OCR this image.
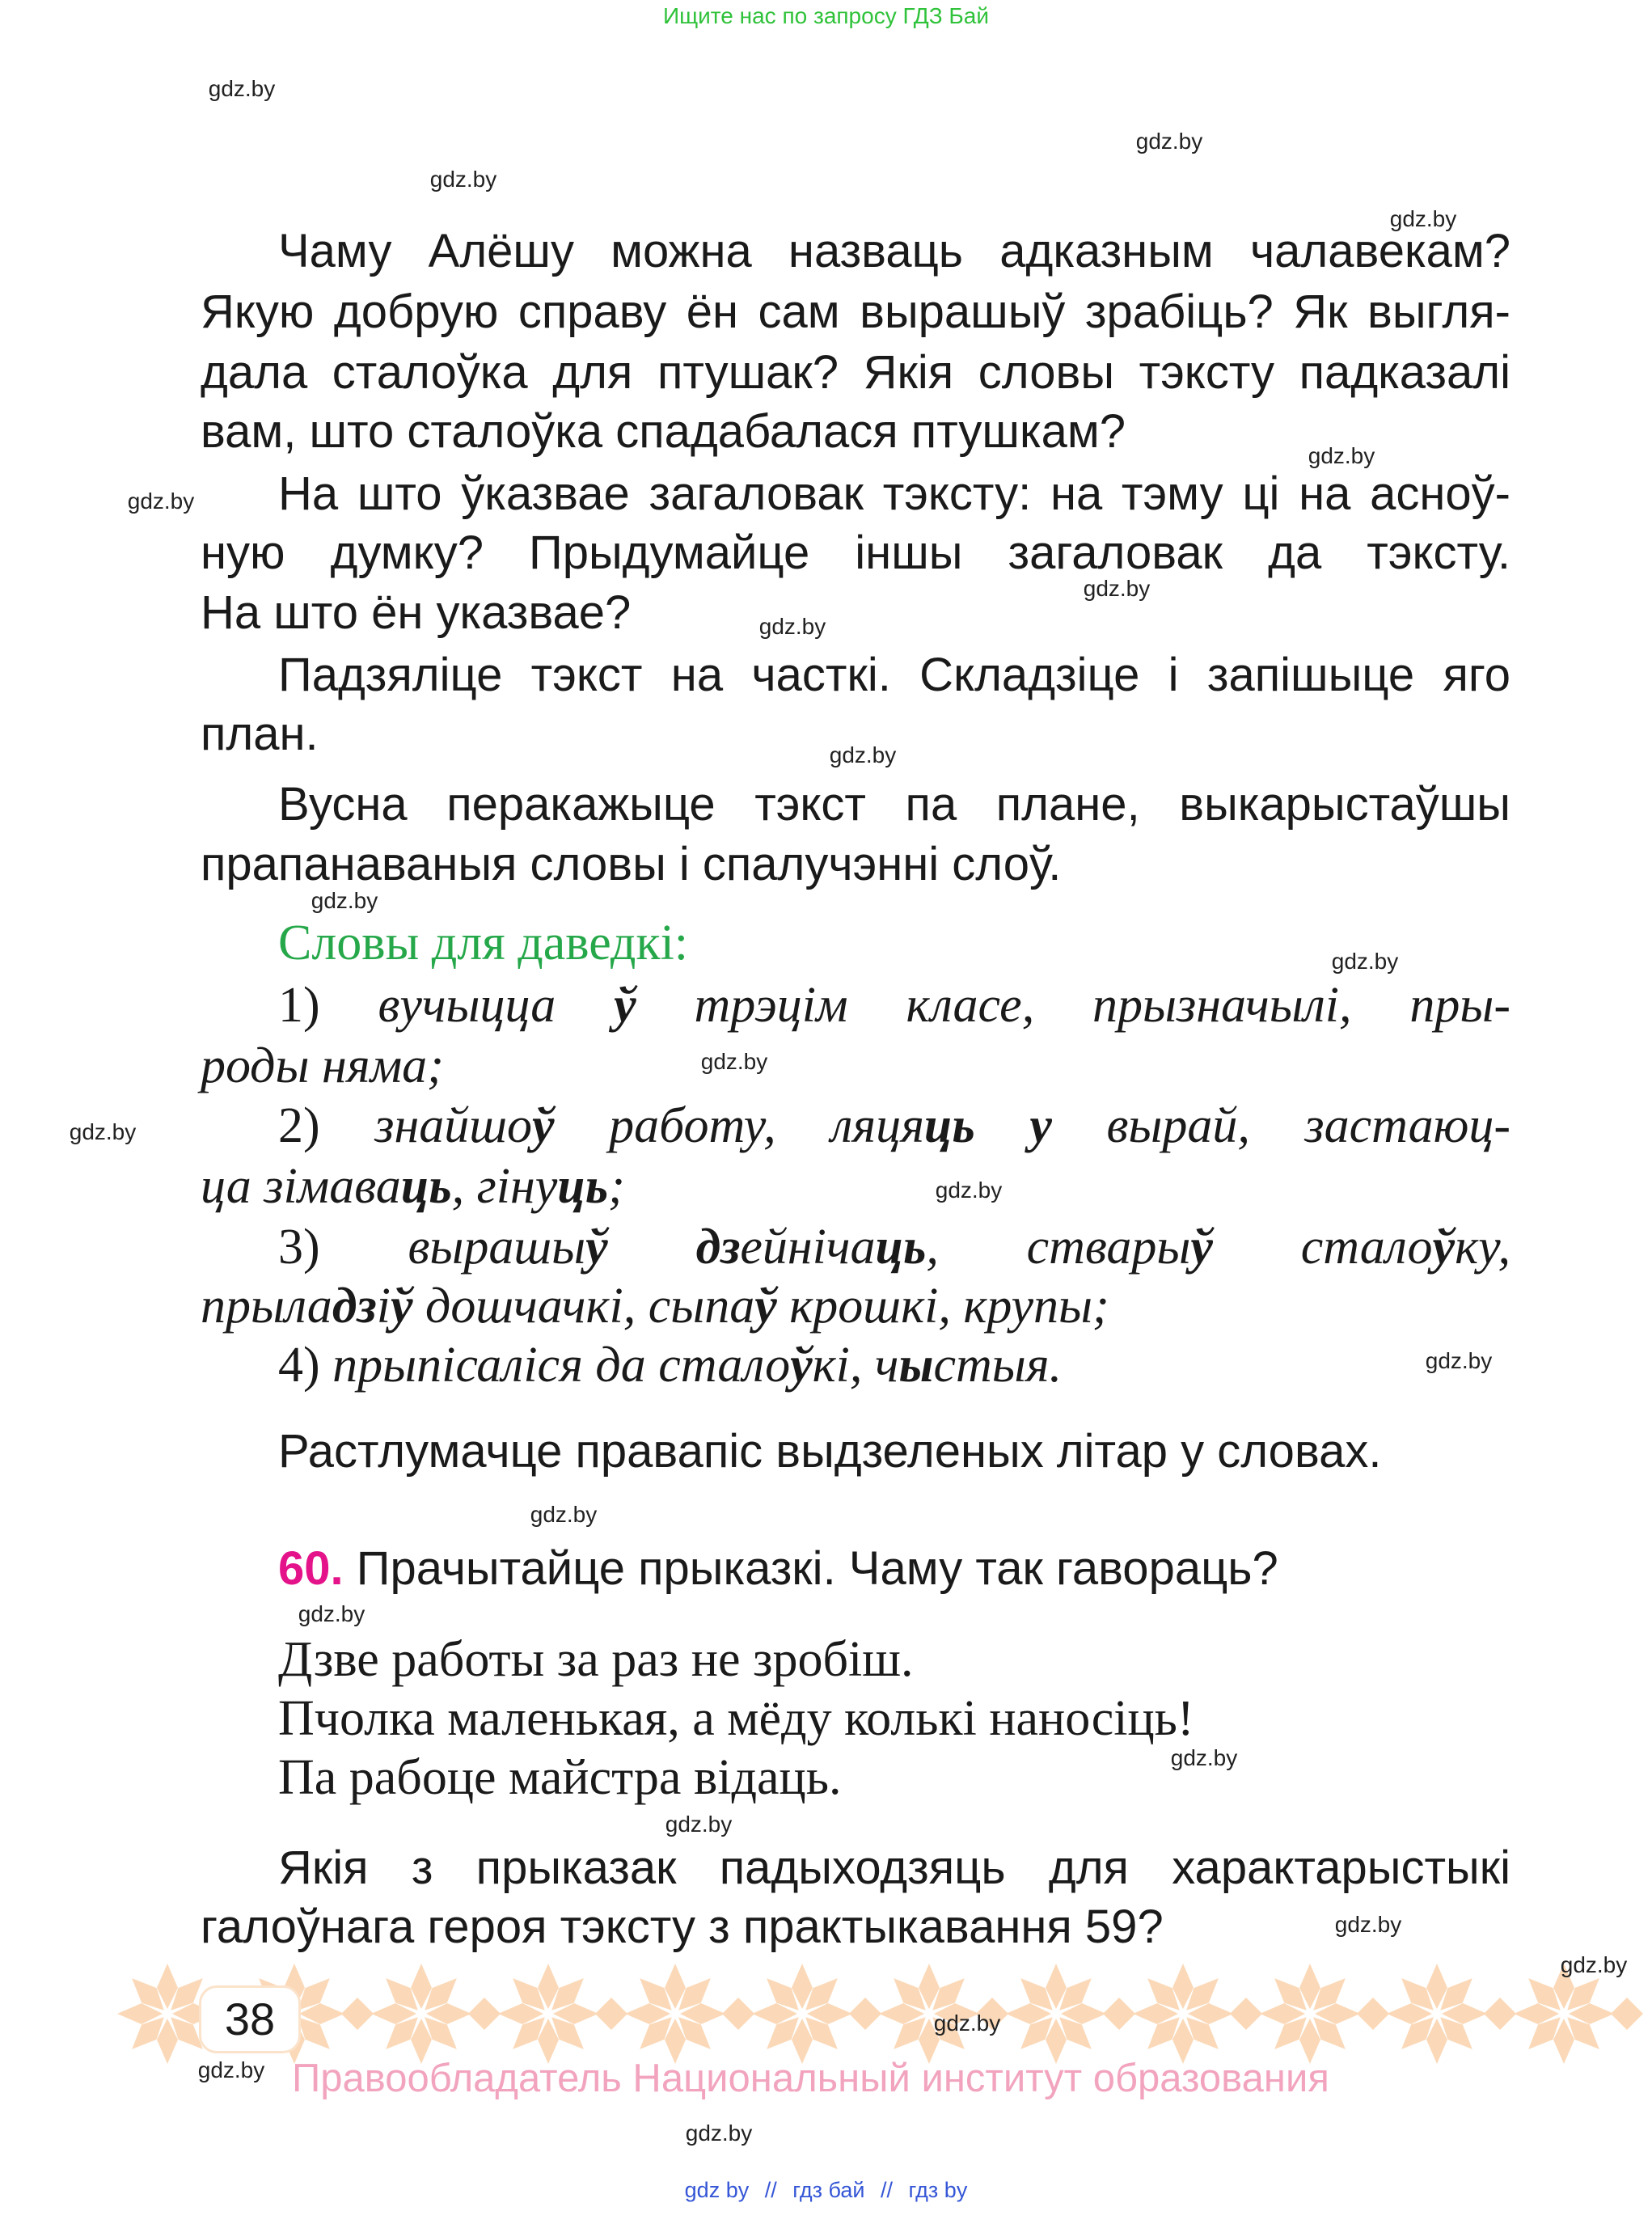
Ищите нас по запросу ГДЗ Бай
Чаму Алёшу можна назваць адказным чалавекам?
Якую добрую справу ён сам вырашыў зрабіць? Як выгля-
дала сталоўка для птушак? Якія словы тэксту падказалі
вам, што сталоўка спадабалася птушкам?
На што ўказвае загаловак тэксту: на тэму ці на асноў-
ную думку? Прыдумайце іншы загаловак да тэксту.
На што ён указвае?
Падзяліце тэкст на часткі. Складзіце і запішыце яго
план.
Вусна перакажыце тэкст па плане, выкарыстаўшы
прапанаваныя словы і спалучэнні слоў.
Словы для даведкі:
1) вучыцца ў трэцім класе, прызначылі, пры-
роды няма;
2) знайшоў работу, ляцяць у вырай, застаюц-
ца зімаваць, гінуць;
3) вырашыў дзейнічаць, стварыў сталоўку,
прыладзіў дошчачкі, сыпаў крошкі, крупы;
4) прыпісаліся да сталоўкі, чыстыя.
Растлумачце правапіс выдзеленых літар у словах.
60. Прачытайце прыказкі. Чаму так гавораць?
Дзве работы за раз не зробіш.
Пчолка маленькая, а мёду колькі наносіць!
Па рабоце майстра відаць.
Якія з прыказак падыходзяць для характарыстыкі
галоўнага героя тэксту з практыкавання 59?
38
Правообладатель Национальный институт образования
gdz by // гдз бай // гдз by
gdz.by
gdz.by
gdz.by
gdz.by
gdz.by
gdz.by
gdz.by
gdz.by
gdz.by
gdz.by
gdz.by
gdz.by
gdz.by
gdz.by
gdz.by
gdz.by
gdz.by
gdz.by
gdz.by
gdz.by
gdz.by
gdz.by
gdz.by
gdz.by
